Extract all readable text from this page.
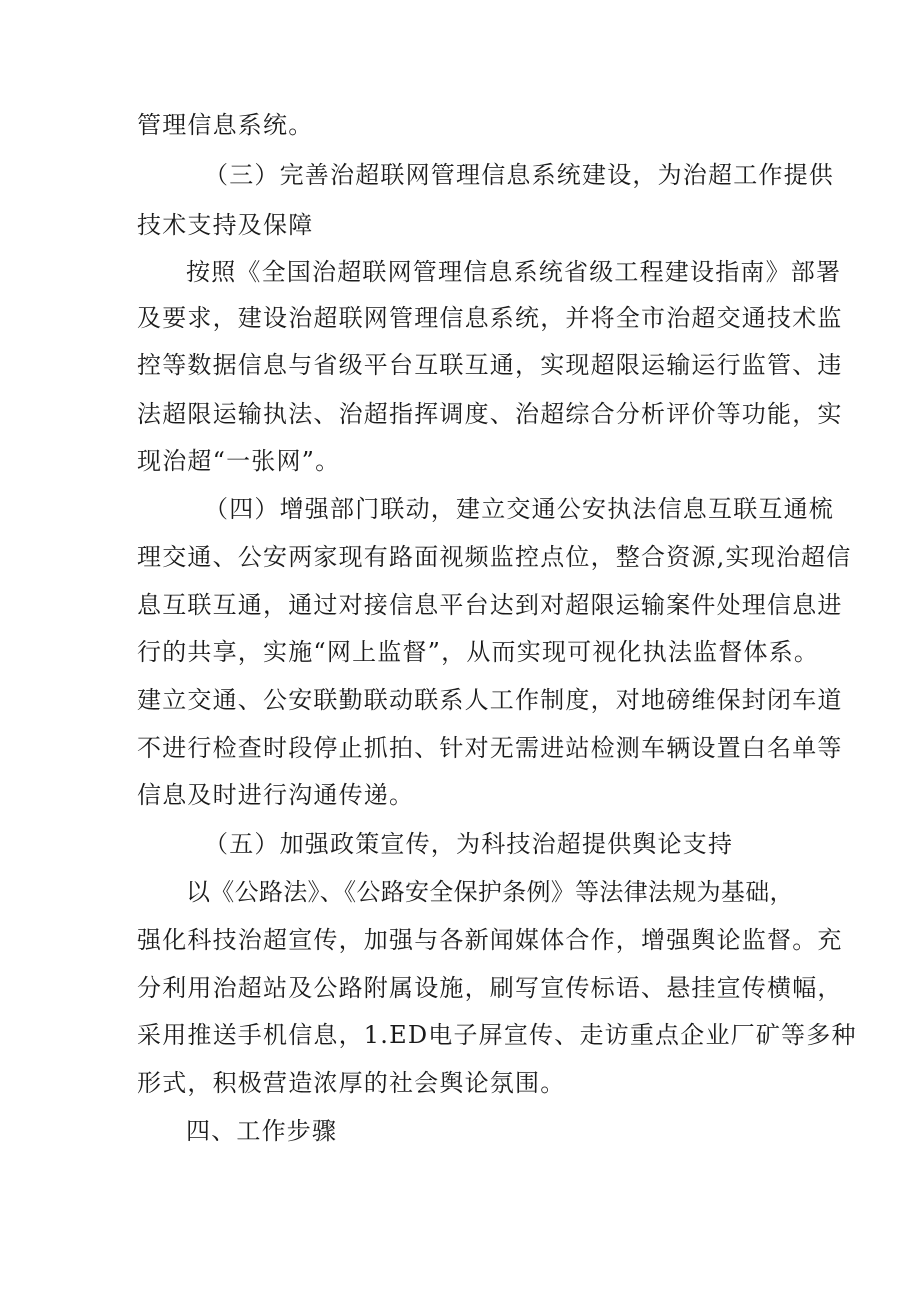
管理信息系统。
（三）完善治超联网管理信息系统建设，为治超工作提供
技术支持及保障
按照《全国治超联网管理信息系统省级工程建设指南》部署
及要求，建设治超联网管理信息系统，并将全市治超交通技术监
控等数据信息与省级平台互联互通，实现超限运输运行监管、违
法超限运输执法、治超指挥调度、治超综合分析评价等功能，实
现治超“一张网”。
（四）增强部门联动，建立交通公安执法信息互联互通梳
理交通、公安两家现有路面视频监控点位，整合资源,实现治超信
息互联互通，通过对接信息平台达到对超限运输案件处理信息进
行的共享，实施“网上监督”，从而实现可视化执法监督体系。
建立交通、公安联勤联动联系人工作制度，对地磅维保封闭车道
不进行检查时段停止抓拍、针对无需进站检测车辆设置白名单等
信息及时进行沟通传递。
（五）加强政策宣传，为科技治超提供舆论支持
以《公路法》、《公路安全保护条例》等法律法规为基础，
强化科技治超宣传，加强与各新闻媒体合作，增强舆论监督。充
分利用治超站及公路附属设施，刷写宣传标语、悬挂宣传横幅，
采用推送手机信息，1.ED电子屏宣传、走访重点企业厂矿等多种
形式，积极营造浓厚的社会舆论氛围。
四、工作步骤
